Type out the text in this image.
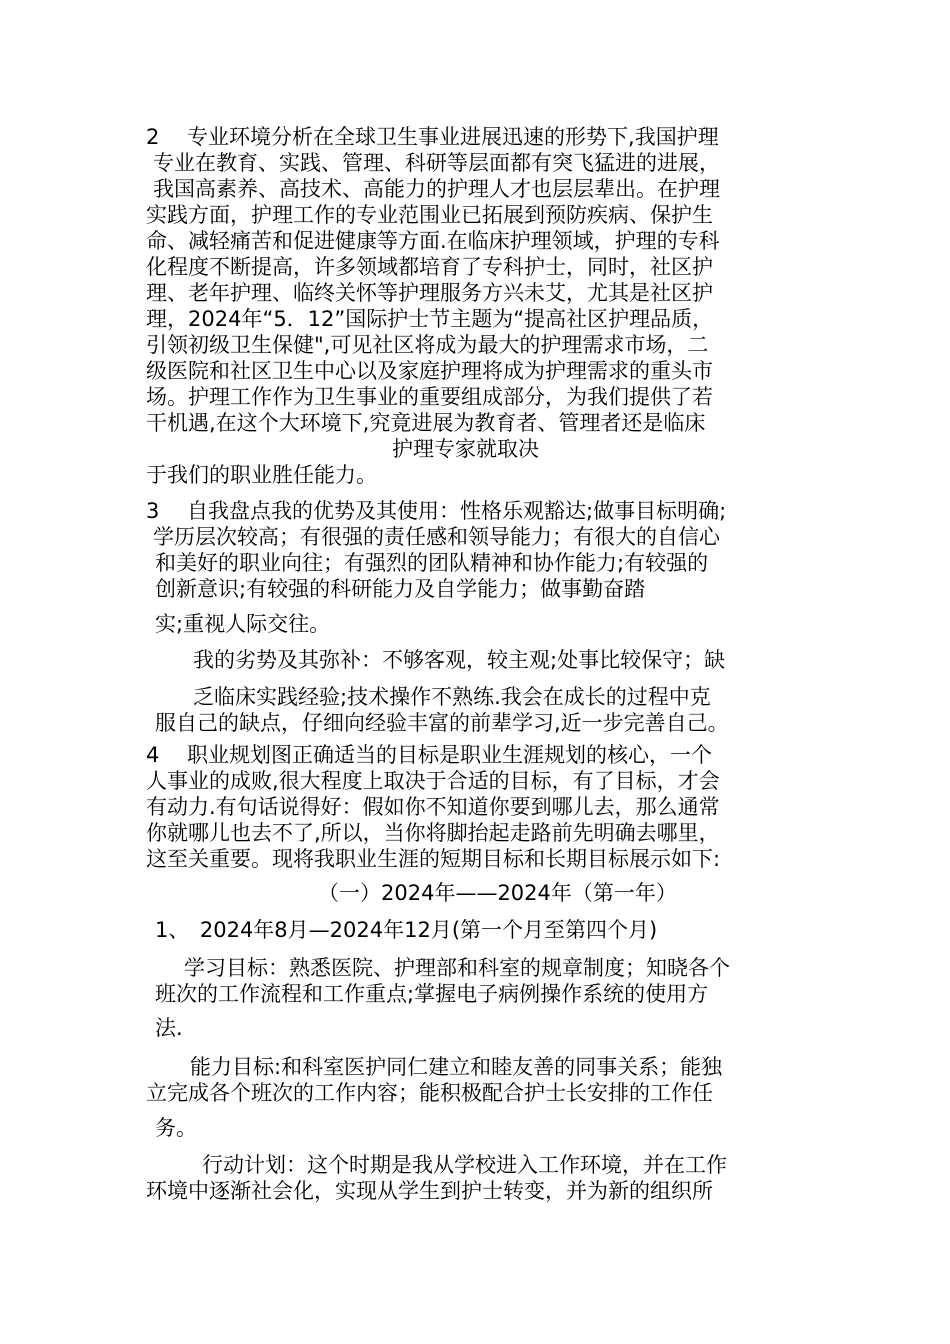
2　 专业环境分析在全球卫生事业进展迅速的形势下,我国护理
专业在教育、实践、管理、科研等层面都有突飞猛进的进展，
我国高素养、高技术、高能力的护理人才也层层辈出。在护理
实践方面，护理工作的专业范围业已拓展到预防疾病、保护生
命、减轻痛苦和促进健康等方面.在临床护理领域，护理的专科
化程度不断提高，许多领域都培育了专科护士，同时，社区护
理、老年护理、临终关怀等护理服务方兴未艾，尤其是社区护
理，2024年“5．12”国际护士节主题为“提高社区护理品质，
引领初级卫生保健",可见社区将成为最大的护理需求市场，二
级医院和社区卫生中心以及家庭护理将成为护理需求的重头市
场。护理工作作为卫生事业的重要组成部分，为我们提供了若
干机遇,在这个大环境下,究竟进展为教育者、管理者还是临床
护理专家就取决
于我们的职业胜任能力。
3　 自我盘点我的优势及其使用：性格乐观豁达;做事目标明确;
学历层次较高；有很强的责任感和领导能力；有很大的自信心
和美好的职业向往；有强烈的团队精神和协作能力;有较强的
创新意识;有较强的科研能力及自学能力；做事勤奋踏
实;重视人际交往。
我的劣势及其弥补：不够客观，较主观;处事比较保守；缺
乏临床实践经验;技术操作不熟练.我会在成长的过程中克
服自己的缺点，仔细向经验丰富的前辈学习,近一步完善自己。
4　 职业规划图正确适当的目标是职业生涯规划的核心，一个
人事业的成败,很大程度上取决于合适的目标，有了目标，才会
有动力.有句话说得好：假如你不知道你要到哪儿去，那么通常
你就哪儿也去不了,所以，当你将脚抬起走路前先明确去哪里，
这至关重要。现将我职业生涯的短期目标和长期目标展示如下:
（一）2024年——2024年（第一年）
1、　2024年8月—2024年12月(第一个月至第四个月)
学习目标：熟悉医院、护理部和科室的规章制度；知晓各个
班次的工作流程和工作重点;掌握电子病例操作系统的使用方
法.
能力目标:和科室医护同仁建立和睦友善的同事关系；能独
立完成各个班次的工作内容；能积极配合护士长安排的工作任
务。
行动计划：这个时期是我从学校进入工作环境，并在工作
环境中逐渐社会化，实现从学生到护士转变，并为新的组织所
